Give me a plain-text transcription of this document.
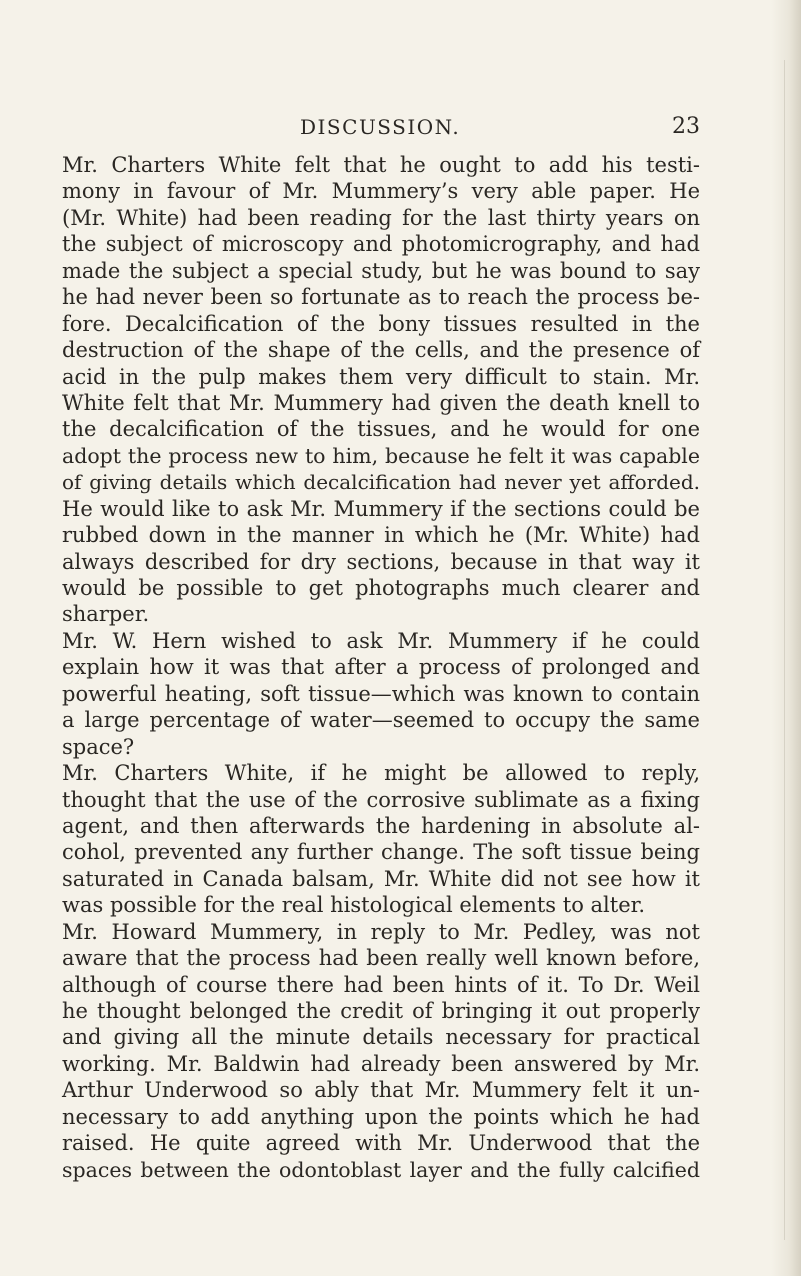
DISCUSSION.	23
Mr. Charters White felt that he ought to add his testi-
mony in favour of Mr. Mummery’s very able paper. He
(Mr. White) had been reading for the last thirty years on
the subject of microscopy and photomicrography, and had
made the subject a special study, but he was bound to say
he had never been so fortunate as to reach the process be-
fore. Decalcification of the bony tissues resulted in the
destruction of the shape of the cells, and the presence of
acid in the pulp makes them very difficult to stain. Mr.
White felt that Mr. Mummery had given the death knell to
the decalcification of the tissues, and he would for one
adopt the process new to him, because he felt it was capable
of giving details which decalcification had never yet afforded.
He would like to ask Mr. Mummery if the sections could be
rubbed down in the manner in which he (Mr. White) had
always described for dry sections, because in that way it
would be possible to get photographs much clearer and
sharper.
Mr. W. Hern wished to ask Mr. Mummery if he could
explain how it was that after a process of prolonged and
powerful heating, soft tissue—which was known to contain
a large percentage of water—seemed to occupy the same
space?
Mr. Charters White, if he might be allowed to reply,
thought that the use of the corrosive sublimate as a fixing
agent, and then afterwards the hardening in absolute al-
cohol, prevented any further change. The soft tissue being
saturated in Canada balsam, Mr. White did not see how it
was possible for the real histological elements to alter.
Mr. Howard Mummery, in reply to Mr. Pedley, was not
aware that the process had been really well known before,
although of course there had been hints of it. To Dr. Weil
he thought belonged the credit of bringing it out properly
and giving all the minute details necessary for practical
working. Mr. Baldwin had already been answered by Mr.
Arthur Underwood so ably that Mr. Mummery felt it un-
necessary to add anything upon the points which he had
raised. He quite agreed with Mr. Underwood that the
spaces between the odontoblast layer and the fully calcified
